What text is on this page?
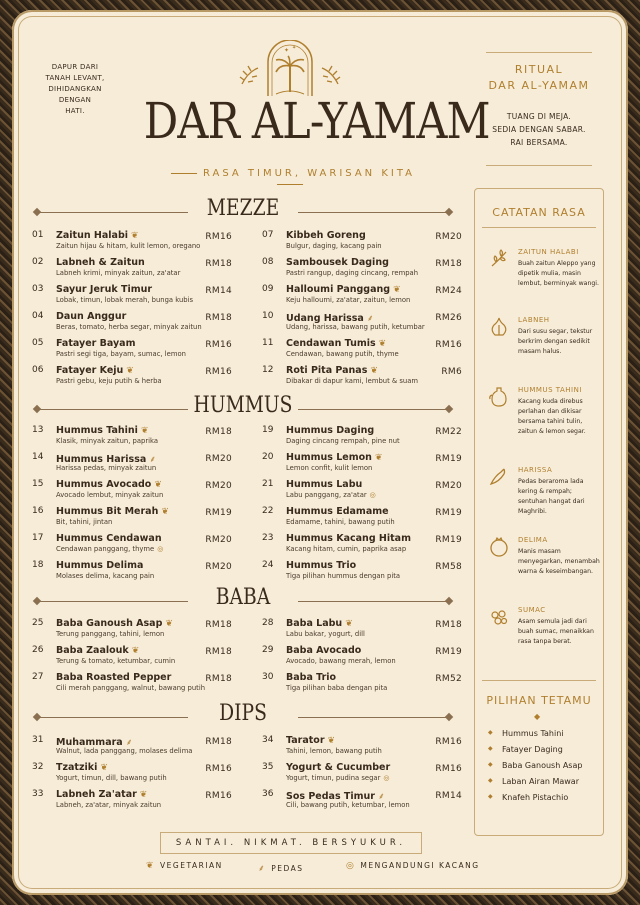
DAPUR DARI
TANAH LEVANT,
DIHIDANGKAN
DENGAN
HATI.
✦ ✦
DAR AL-YAMAM
RASA TIMUR, WARISAN KITA
RITUAL
DAR AL-YAMAM
TUANG DI MEJA.
SEDIA DENGAN SABAR.
RAI BERSAMA.
MEZZE
01	Zaitun Halabi ❦
Zaitun hijau & hitam, kulit lemon, oregano
RM16
02	Labneh & Zaitun
Labneh krimi, minyak zaitun, za'atar
RM18
03	Sayur Jeruk Timur
Lobak, timun, lobak merah, bunga kubis
RM14
04	Daun Anggur
Beras, tomato, herba segar, minyak zaitun
RM18
05	Fatayer Bayam
Pastri segi tiga, bayam, sumac, lemon
RM16
06	Fatayer Keju ❦
Pastri gebu, keju putih & herba
RM16
07	Kibbeh Goreng
Bulgur, daging, kacang pain
RM20
08	Sambousek Daging
Pastri rangup, daging cincang, rempah
RM18
09	Halloumi Panggang ❦
Keju halloumi, za'atar, zaitun, lemon
RM24
10	Udang Harissa ⸙
Udang, harissa, bawang putih, ketumbar
RM26
11	Cendawan Tumis ❦
Cendawan, bawang putih, thyme
RM16
12	Roti Pita Panas ❦
Dibakar di dapur kami, lembut & suam
RM6
HUMMUS
13	Hummus Tahini ❦
Klasik, minyak zaitun, paprika
RM18
14	Hummus Harissa ⸙
Harissa pedas, minyak zaitun
RM20
15	Hummus Avocado ❦
Avocado lembut, minyak zaitun
RM20
16	Hummus Bit Merah ❦
Bit, tahini, jintan
RM19
17	Hummus Cendawan
Cendawan panggang, thyme ◎
RM20
18	Hummus Delima
Molases delima, kacang pain
RM20
19	Hummus Daging
Daging cincang rempah, pine nut
RM22
20	Hummus Lemon ❦
Lemon confit, kulit lemon
RM19
21	Hummus Labu
Labu panggang, za'atar ◎
RM20
22	Hummus Edamame
Edamame, tahini, bawang putih
RM19
23	Hummus Kacang Hitam
Kacang hitam, cumin, paprika asap
RM19
24	Hummus Trio
Tiga pilihan hummus dengan pita
RM58
BABA
25	Baba Ganoush Asap ❦
Terung panggang, tahini, lemon
RM18
26	Baba Zaalouk ❦
Terung & tomato, ketumbar, cumin
RM18
27	Baba Roasted Pepper
Cili merah panggang, walnut, bawang putih
RM18
28	Baba Labu ❦
Labu bakar, yogurt, dill
RM18
29	Baba Avocado
Avocado, bawang merah, lemon
RM19
30	Baba Trio
Tiga pilihan baba dengan pita
RM52
DIPS
31	Muhammara ⸙
Walnut, lada panggang, molases delima
RM18
32	Tzatziki ❦
Yogurt, timun, dill, bawang putih
RM16
33	Labneh Za'atar ❦
Labneh, za'atar, minyak zaitun
RM16
34	Tarator ❦
Tahini, lemon, bawang putih
RM16
35	Yogurt & Cucumber
Yogurt, timun, pudina segar ◎
RM16
36	Sos Pedas Timur ⸙
Cili, bawang putih, ketumbar, lemon
RM14
CATATAN RASA
ZAITUN HALABI
Buah zaitun Aleppo yang dipetik mulia, masin lembut, berminyak wangi.
LABNEH
Dari susu segar, tekstur berkrim dengan sedikit masam halus.
HUMMUS TAHINI
Kacang kuda direbus perlahan dan dikisar bersama tahini tulin, zaitun & lemon segar.
HARISSA
Pedas beraroma lada kering & rempah; sentuhan hangat dari Maghribi.
DELIMA
Manis masam menyegarkan, menambah warna & keseimbangan.
SUMAC
Asam semula jadi dari buah sumac, menaikkan rasa tanpa berat.
PILIHAN TETAMU
◆
◆ Hummus Tahini
◆ Fatayer Daging
◆ Baba Ganoush Asap
◆ Laban Airan Mawar
◆ Knafeh Pistachio
SANTAI. NIKMAT. BERSYUKUR.
❦ VEGETARIAN	⸙ PEDAS	◎ MENGANDUNGI KACANG
